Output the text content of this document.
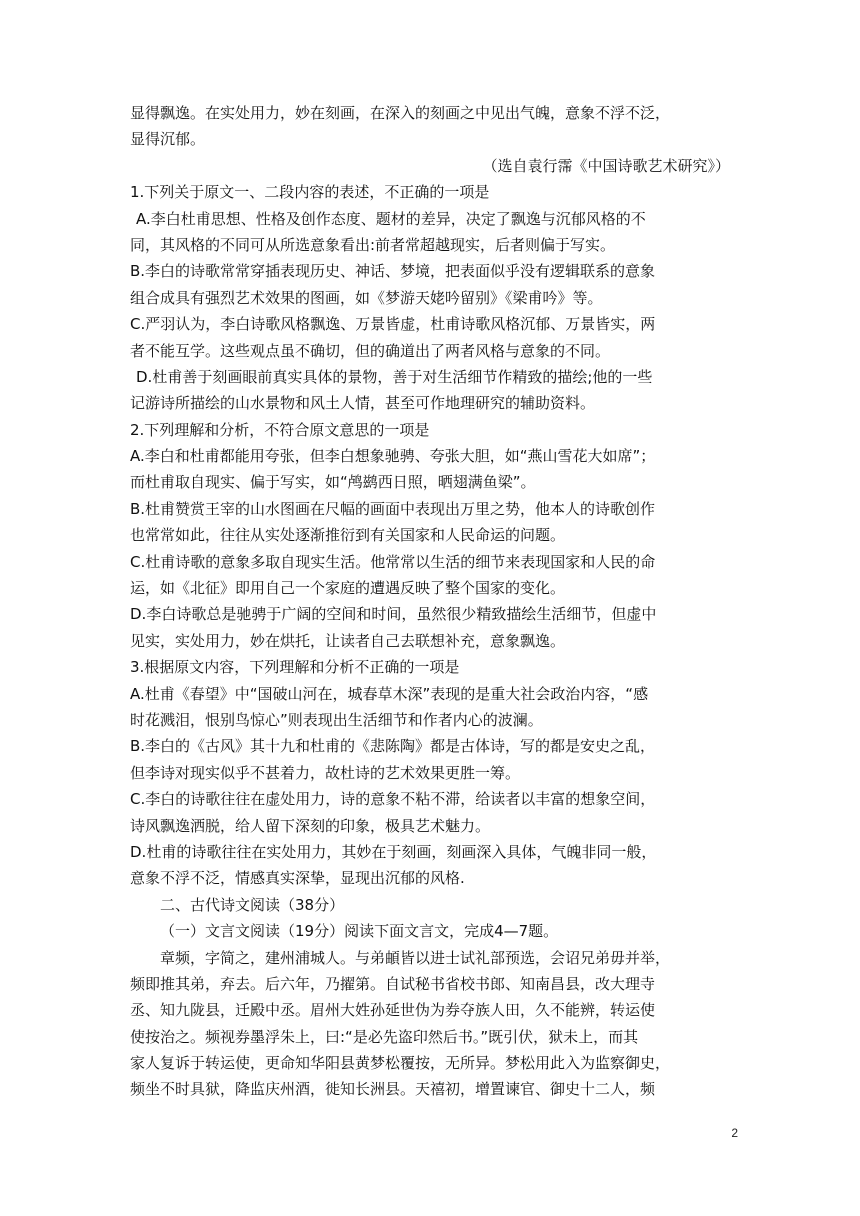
显得飘逸。在实处用力，妙在刻画，在深入的刻画之中见出气魄，意象不浮不泛，
显得沉郁。
（选自袁行霈《中国诗歌艺术研究》）
1.下列关于原文一、二段内容的表述，不正确的一项是
A.李白杜甫思想、性格及创作态度、题材的差异，决定了飘逸与沉郁风格的不
同，其风格的不同可从所选意象看出:前者常超越现实，后者则偏于写实。
B.李白的诗歌常常穿插表现历史、神话、梦境，把表面似乎没有逻辑联系的意象
组合成具有强烈艺术效果的图画，如《梦游天姥吟留别》《梁甫吟》等。
C.严羽认为，李白诗歌风格飘逸、万景皆虚，杜甫诗歌风格沉郁、万景皆实，两
者不能互学。这些观点虽不确切，但的确道出了两者风格与意象的不同。
D.杜甫善于刻画眼前真实具体的景物，善于对生活细节作精致的描绘;他的一些
记游诗所描绘的山水景物和风土人情，甚至可作地理研究的辅助资料。
2.下列理解和分析，不符合原文意思的一项是
A.李白和杜甫都能用夸张，但李白想象驰骋、夸张大胆，如“燕山雪花大如席”；
而杜甫取自现实、偏于写实，如“鸬鹚西日照，晒翅满鱼梁”。
B.杜甫赞赏王宰的山水图画在尺幅的画面中表现出万里之势，他本人的诗歌创作
也常常如此，往往从实处逐渐推衍到有关国家和人民命运的问题。
C.杜甫诗歌的意象多取自现实生活。他常常以生活的细节来表现国家和人民的命
运，如《北征》即用自己一个家庭的遭遇反映了整个国家的变化。
D.李白诗歌总是驰骋于广阔的空间和时间，虽然很少精致描绘生活细节，但虚中
见实，实处用力，妙在烘托，让读者自己去联想补充，意象飘逸。
3.根据原文内容，下列理解和分析不正确的一项是
A.杜甫《春望》中“国破山河在，城春草木深”表现的是重大社会政治内容，“感
时花溅泪，恨别鸟惊心”则表现出生活细节和作者内心的波澜。
B.李白的《古风》其十九和杜甫的《悲陈陶》都是古体诗，写的都是安史之乱，
但李诗对现实似乎不甚着力，故杜诗的艺术效果更胜一筹。
C.李白的诗歌往往在虚处用力，诗的意象不粘不滞，给读者以丰富的想象空间，
诗风飘逸洒脱，给人留下深刻的印象，极具艺术魅力。
D.杜甫的诗歌往往在实处用力，其妙在于刻画，刻画深入具体，气魄非同一般，
意象不浮不泛，情感真实深挚，显现出沉郁的风格.
二、古代诗文阅读（38分）
（一）文言文阅读（19分）阅读下面文言文，完成4—7题。
章频，字简之，建州浦城人。与弟頔皆以进士试礼部预选，会诏兄弟毋并举，
频即推其弟，弃去。后六年，乃擢第。自试秘书省校书郎、知南昌县，改大理寺
丞、知九陇县，迁殿中丞。眉州大姓孙延世伪为券夺族人田，久不能辨，转运使
使按治之。频视券墨浮朱上，曰:“是必先盗印然后书。”既引伏，狱未上，而其
家人复诉于转运使，更命知华阳县黄梦松覆按，无所异。梦松用此入为监察御史，
频坐不时具狱，降监庆州酒，徙知长洲县。天禧初，增置谏官、御史十二人，频
2
